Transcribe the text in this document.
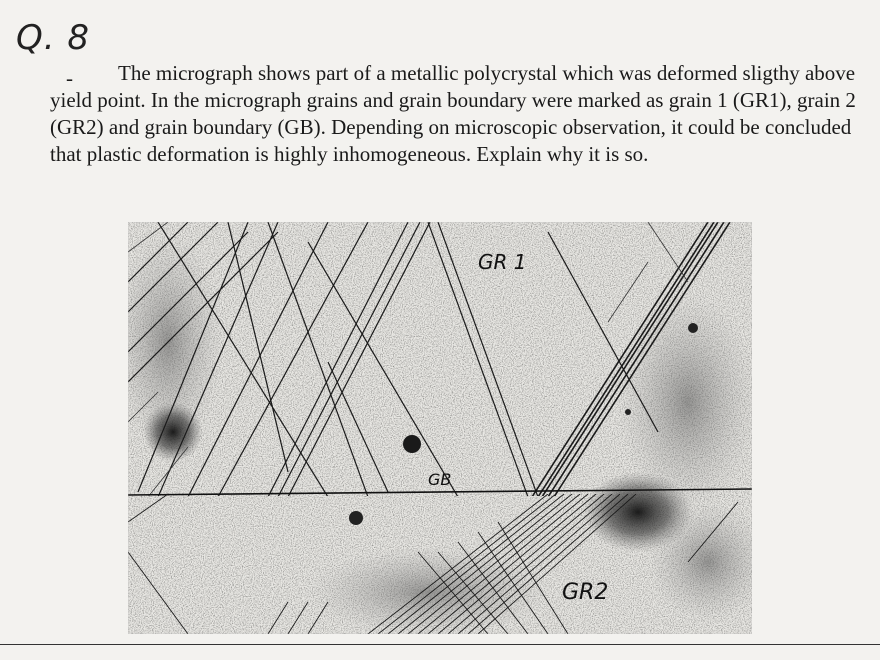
Q. 8
-	The micrograph shows part of a metallic polycrystal which was deformed sligthy above yield point. In the micrograph grains and grain boundary were marked as grain 1 (GR1), grain 2 (GR2) and grain boundary (GB). Depending on microscopic observation, it could be concluded that plastic deformation is highly inhomogeneous. Explain why it is so.

GR 1
GB
GR2
